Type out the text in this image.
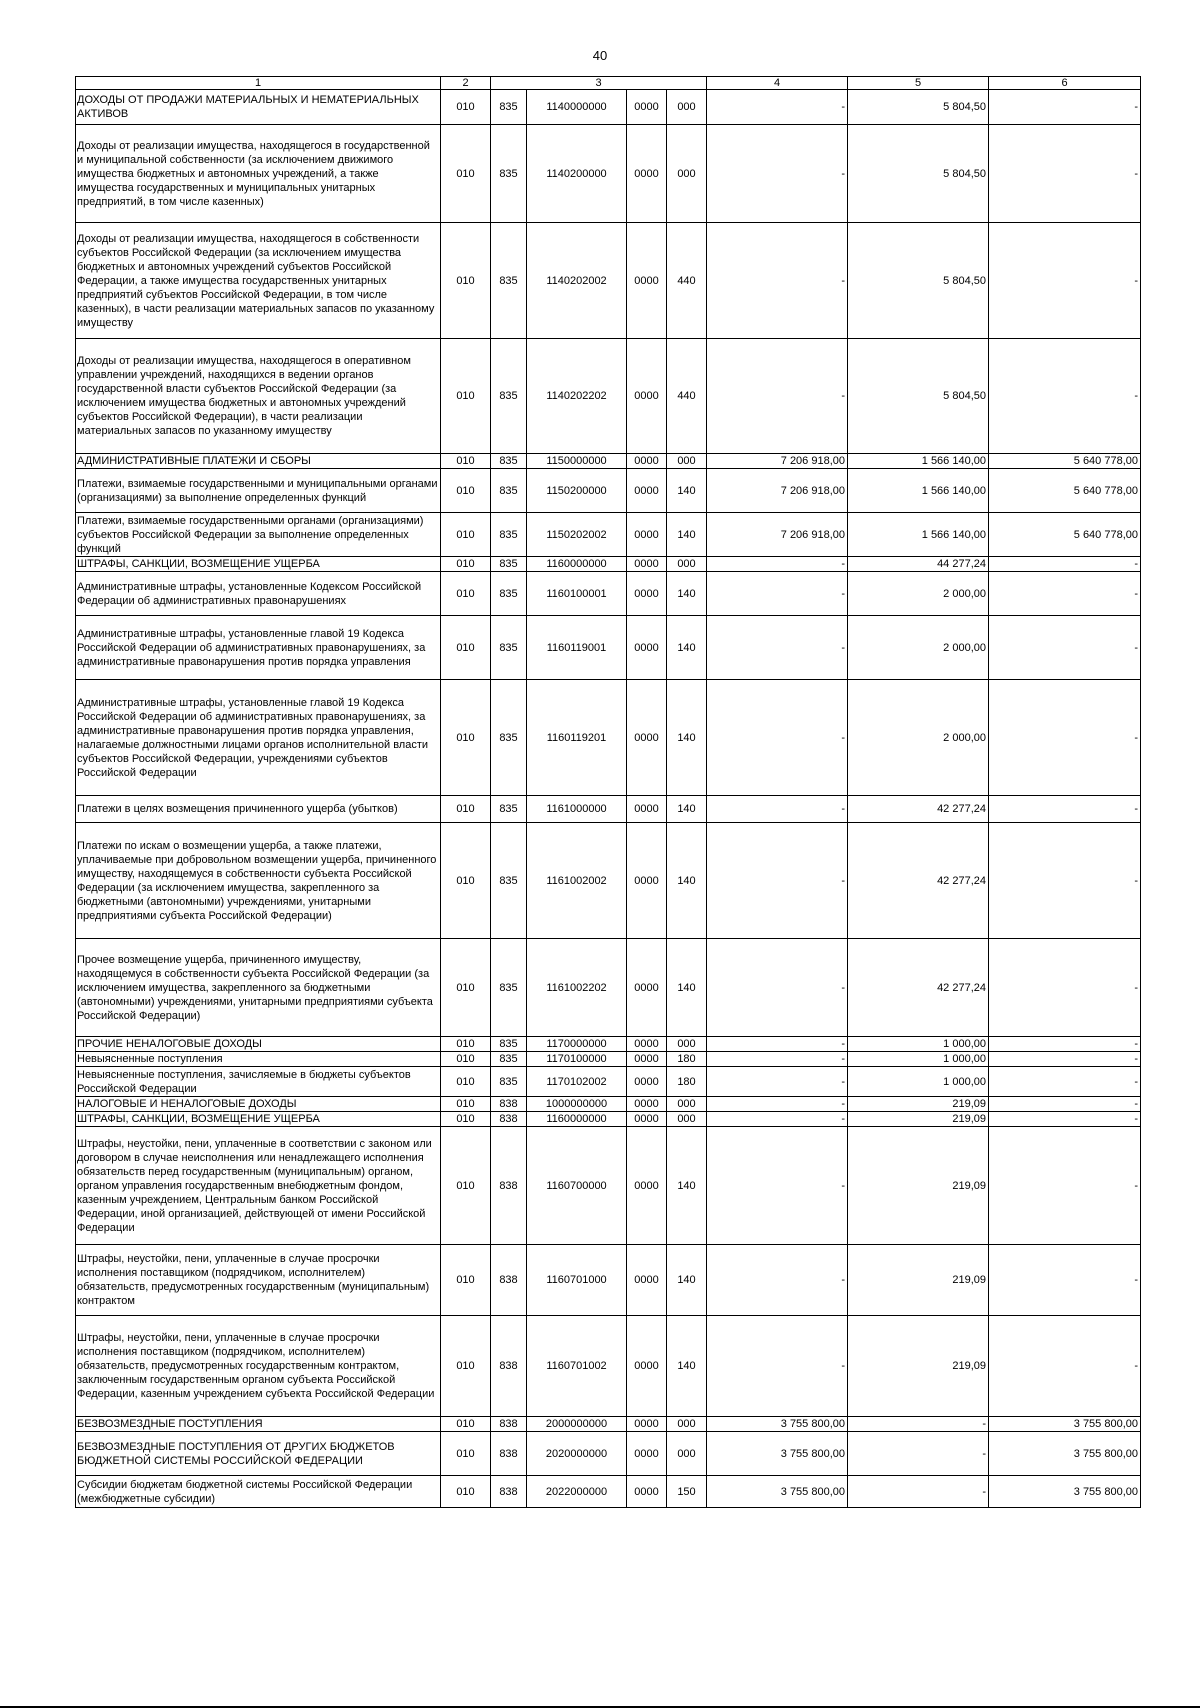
40
1	2	3				4	5	6
ДОХОДЫ ОТ ПРОДАЖИ МАТЕРИАЛЬНЫХ И НЕМАТЕРИАЛЬНЫХ АКТИВОВ	010	835	1140000000	0000	000	-	5 804,50	-
Доходы от реализации имущества, находящегося в государственной и муниципальной собственности (за исключением движимого имущества бюджетных и автономных учреждений, а также имущества государственных и муниципальных унитарных предприятий, в том числе казенных)	010	835	1140200000	0000	000	-	5 804,50	-
Доходы от реализации имущества, находящегося в собственности субъектов Российской Федерации (за исключением имущества бюджетных и автономных учреждений субъектов Российской Федерации, а также имущества государственных унитарных предприятий субъектов Российской Федерации, в том числе казенных), в части реализации материальных запасов по указанному имуществу	010	835	1140202002	0000	440	-	5 804,50	-
Доходы от реализации имущества, находящегося в оперативном управлении учреждений, находящихся в ведении органов государственной власти субъектов Российской Федерации (за исключением имущества бюджетных и автономных учреждений субъектов Российской Федерации), в части реализации материальных запасов по указанному имуществу	010	835	1140202202	0000	440	-	5 804,50	-
АДМИНИСТРАТИВНЫЕ ПЛАТЕЖИ И СБОРЫ	010	835	1150000000	0000	000	7 206 918,00	1 566 140,00	5 640 778,00
Платежи, взимаемые государственными и муниципальными органами (организациями) за выполнение определенных функций	010	835	1150200000	0000	140	7 206 918,00	1 566 140,00	5 640 778,00
Платежи, взимаемые государственными органами (организациями) субъектов Российской Федерации за выполнение определенных функций	010	835	1150202002	0000	140	7 206 918,00	1 566 140,00	5 640 778,00
ШТРАФЫ, САНКЦИИ, ВОЗМЕЩЕНИЕ УЩЕРБА	010	835	1160000000	0000	000	-	44 277,24	-
Административные штрафы, установленные Кодексом Российской Федерации об административных правонарушениях	010	835	1160100001	0000	140	-	2 000,00	-
Административные штрафы, установленные главой 19 Кодекса Российской Федерации об административных правонарушениях, за административные правонарушения против порядка управления	010	835	1160119001	0000	140	-	2 000,00	-
Административные штрафы, установленные главой 19 Кодекса Российской Федерации об административных правонарушениях, за административные правонарушения против порядка управления, налагаемые должностными лицами органов исполнительной власти субъектов Российской Федерации, учреждениями субъектов Российской Федерации	010	835	1160119201	0000	140	-	2 000,00	-
Платежи в целях возмещения причиненного ущерба (убытков)	010	835	1161000000	0000	140	-	42 277,24	-
Платежи по искам о возмещении ущерба, а также платежи, уплачиваемые при добровольном возмещении ущерба, причиненного имуществу, находящемуся в собственности субъекта Российской Федерации (за исключением имущества, закрепленного за бюджетными (автономными) учреждениями, унитарными предприятиями субъекта Российской Федерации)	010	835	1161002002	0000	140	-	42 277,24	-
Прочее возмещение ущерба, причиненного имуществу, находящемуся в собственности субъекта Российской Федерации (за исключением имущества, закрепленного за бюджетными (автономными) учреждениями, унитарными предприятиями субъекта Российской Федерации)	010	835	1161002202	0000	140	-	42 277,24	-
ПРОЧИЕ НЕНАЛОГОВЫЕ ДОХОДЫ	010	835	1170000000	0000	000	-	1 000,00	-
Невыясненные поступления	010	835	1170100000	0000	180	-	1 000,00	-
Невыясненные поступления, зачисляемые в бюджеты субъектов Российской Федерации	010	835	1170102002	0000	180	-	1 000,00	-
НАЛОГОВЫЕ И НЕНАЛОГОВЫЕ ДОХОДЫ	010	838	1000000000	0000	000	-	219,09	-
ШТРАФЫ, САНКЦИИ, ВОЗМЕЩЕНИЕ УЩЕРБА	010	838	1160000000	0000	000	-	219,09	-
Штрафы, неустойки, пени, уплаченные в соответствии с законом или договором в случае неисполнения или ненадлежащего исполнения обязательств перед государственным (муниципальным) органом, органом управления государственным внебюджетным фондом, казенным учреждением, Центральным банком Российской Федерации, иной организацией, действующей от имени Российской Федерации	010	838	1160700000	0000	140	-	219,09	-
Штрафы, неустойки, пени, уплаченные в случае просрочки исполнения поставщиком (подрядчиком, исполнителем) обязательств, предусмотренных государственным (муниципальным) контрактом	010	838	1160701000	0000	140	-	219,09	-
Штрафы, неустойки, пени, уплаченные в случае просрочки исполнения поставщиком (подрядчиком, исполнителем) обязательств, предусмотренных государственным контрактом, заключенным государственным органом субъекта Российской Федерации, казенным учреждением субъекта Российской Федерации	010	838	1160701002	0000	140	-	219,09	-
БЕЗВОЗМЕЗДНЫЕ ПОСТУПЛЕНИЯ	010	838	2000000000	0000	000	3 755 800,00	-	3 755 800,00
БЕЗВОЗМЕЗДНЫЕ ПОСТУПЛЕНИЯ ОТ ДРУГИХ БЮДЖЕТОВ БЮДЖЕТНОЙ СИСТЕМЫ РОССИЙСКОЙ ФЕДЕРАЦИИ	010	838	2020000000	0000	000	3 755 800,00	-	3 755 800,00
Субсидии бюджетам бюджетной системы Российской Федерации (межбюджетные субсидии)	010	838	2022000000	0000	150	3 755 800,00	-	3 755 800,00
